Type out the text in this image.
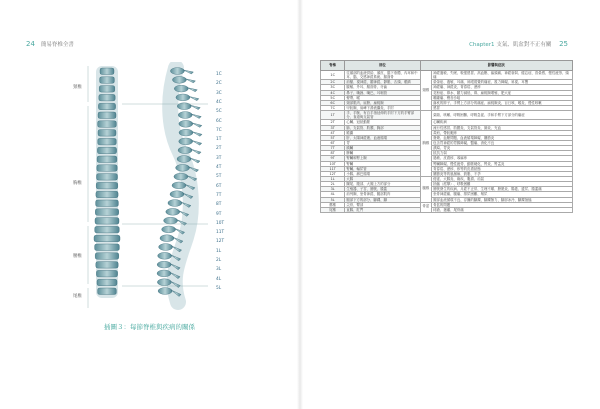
24 簡易脊椎全書
頸椎
胸椎
腰椎
尾椎
1C
2C
3C
4C
5C
6C
7C
1T
2T
3T
4T
5T
6T
7T
8T
9T
10T
11T
12T
1L
2L
3L
4L
5L
插圖３：每節脊椎與疾病的關係
Chapter1 支氣、肌盆對不正有關 25
脊椎	部位	影響與症狀	
1C	往頭部的血液供給、頭皮、腦下垂體、內耳和中耳、腦、交感神經系統、臉面骨	頸椎	神經過敏、失眠、較強感冒、高血壓、偏頭痛、神經衰弱、健忘症、昏暈感、慢性疲勞、頭痛
2C	前額、視神經、聽神經、靜脈、舌頭、眼睛		暈暈症、過敏、耳痛、斜眼視覺的痛症、視力障礙、斜視、耳聾
3C	臉頰、外耳、顏面骨、牙齒		神經痛、神經炎、青春痘、溼疹
4C	鼻子、嘴唇、嘴巴、耳咽管		花粉症、鼻水、聽力減低、鼻、扁桃腺增殖、肥大症
5C	聲帶、喉		喉嚨痛、聲音沙啞
6C	頸部肌肉、肩膀、扁桃腺		落枕的脖子、手臂上方部分的痛症、扁桃腺炎、百日咳、喉炎、慢性咳嗽
7C	甲狀腺、肩峰下滑液囊炎、手肘		感冒
1T	手、手腕、有自手指延伸的手肘下方的手臂部分、食道與支氣管	胸椎	氣喘、咳嗽、呼吸困難、呼吸急促、手和手臂下方部分的痛症
2T	心臟、冠狀動脈		心臟疾病
3T	肺、支氣管、肋膜、胸部		流行性感冒、肋膜炎、支氣管炎、肺炎、充血
4T	膽囊		黃疸、帶狀皰疹
5T	肝、太陽神經叢、血液循環		發燒、血壓問題、血液循環障礙、關節炎
6T	胃		包含胃神經的胃腸障礙、醫痛、消化不良
7T	胰臟		潰瘍、胃炎
8T	脾臟		抵抗力弱
9T	腎臟和腎上腺		過敏、皮膚疹、蕁麻疹
10T	腎臟		腎臟障礙、慢性疲勞、動脈硬化、腎炎、腎盂炎
11T	腎臟、輸尿管		青春痘、溼疹、疹等的皮膚狀態
12T	小腸、淋巴循環		關節炎等的風濕病、鼓脹、不孕
1L	大腸	腰椎	便祕、大腸炎、痢疾、腹瀉、疝氣
2L	闌尾、腹部、大腿上方的部分		抽搐（痙攣）、呼吸困難
3L	生殖器、子宮、膀胱、膝蓋		膀胱發生的疾病、月經不正常、生理不順、膀胱炎、陽萎、遺尿、膝蓋痛
4L	前列腺、坐骨神經、腰部肌肉		坐骨神經痛、腰痛、排尿困難、頻尿
5L	腿部下方的部分、腳踝、腳		腿部血液循環不良、浮腫的腳踝、腳踝無力、腳部冰冷、腳踝抽搐
薦椎	尖骨、臀部	骨盆	骨盆的問題
尾椎	直腸、肛門		痔瘡、搔癢、尾骨痛
